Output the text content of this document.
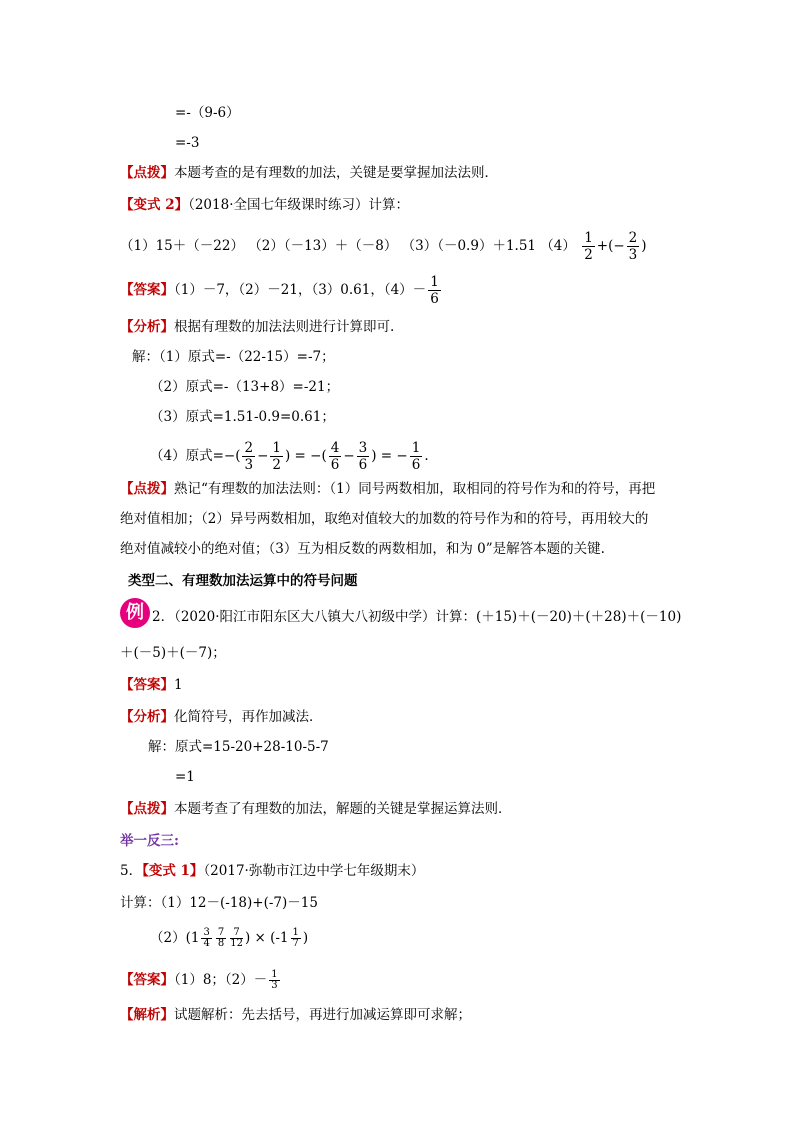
=-（9-6）
=-3
【点拨】本题考查的是有理数的加法，关键是要掌握加法法则．
【变式 2】（2018·全国七年级课时练习）计算：
（1）15＋（－22） （2）（－13）＋（－8） （3）（－0.9）＋1.51 $(4) \frac{1}{2}$ +(− $\frac{2}{3}$ )
【答案】（1）－7，（2）－21，（3）0.61，$(4)- \frac{1}{6}$
【分析】根据有理数的加法法则进行计算即可.
解：（1）原式=-（22-15）=-7；
（2）原式=-（13+8）=-21；
（3）原式=1.51-0.9=0.61；
（4）原式=−( $\frac{2}{3} - \frac{1}{2}$ ) = −( $\frac{4}{6} - \frac{3}{6}$ ) = − $\frac{1}{6}$ .
【点拨】熟记“有理数的加法法则：（1）同号两数相加，取相同的符号作为和的符号，再把
绝对值相加；（2）异号两数相加，取绝对值较大的加数的符号作为和的符号，再用较大的
绝对值减较小的绝对值；（3）互为相反数的两数相加，和为 0”是解答本题的关键.
类型二、有理数加法运算中的符号问题
例 2．（2020·阳江市阳东区大八镇大八初级中学）计算：(＋15)＋(－20)＋(＋28)＋(－10)
＋(－5)＋(－7)；
【答案】1
【分析】化简符号，再作加减法．
解：原式=15-20+28-10-5-7
=1
【点拨】本题考查了有理数的加法，解题的关键是掌握运算法则．
举一反三:
5．【变式 1】（2017·弥勒市江边中学七年级期末）
计算：（1）12－(-18)+(-7)－15
$(2)(1 \frac{3}{4} \frac{7}{8} \frac{7}{12}$ ) × ($-1 \frac{1}{7}$ )
【答案】（1）8；$(2)- \frac{1}{3}$
【解析】试题解析：先去括号，再进行加减运算即可求解；
